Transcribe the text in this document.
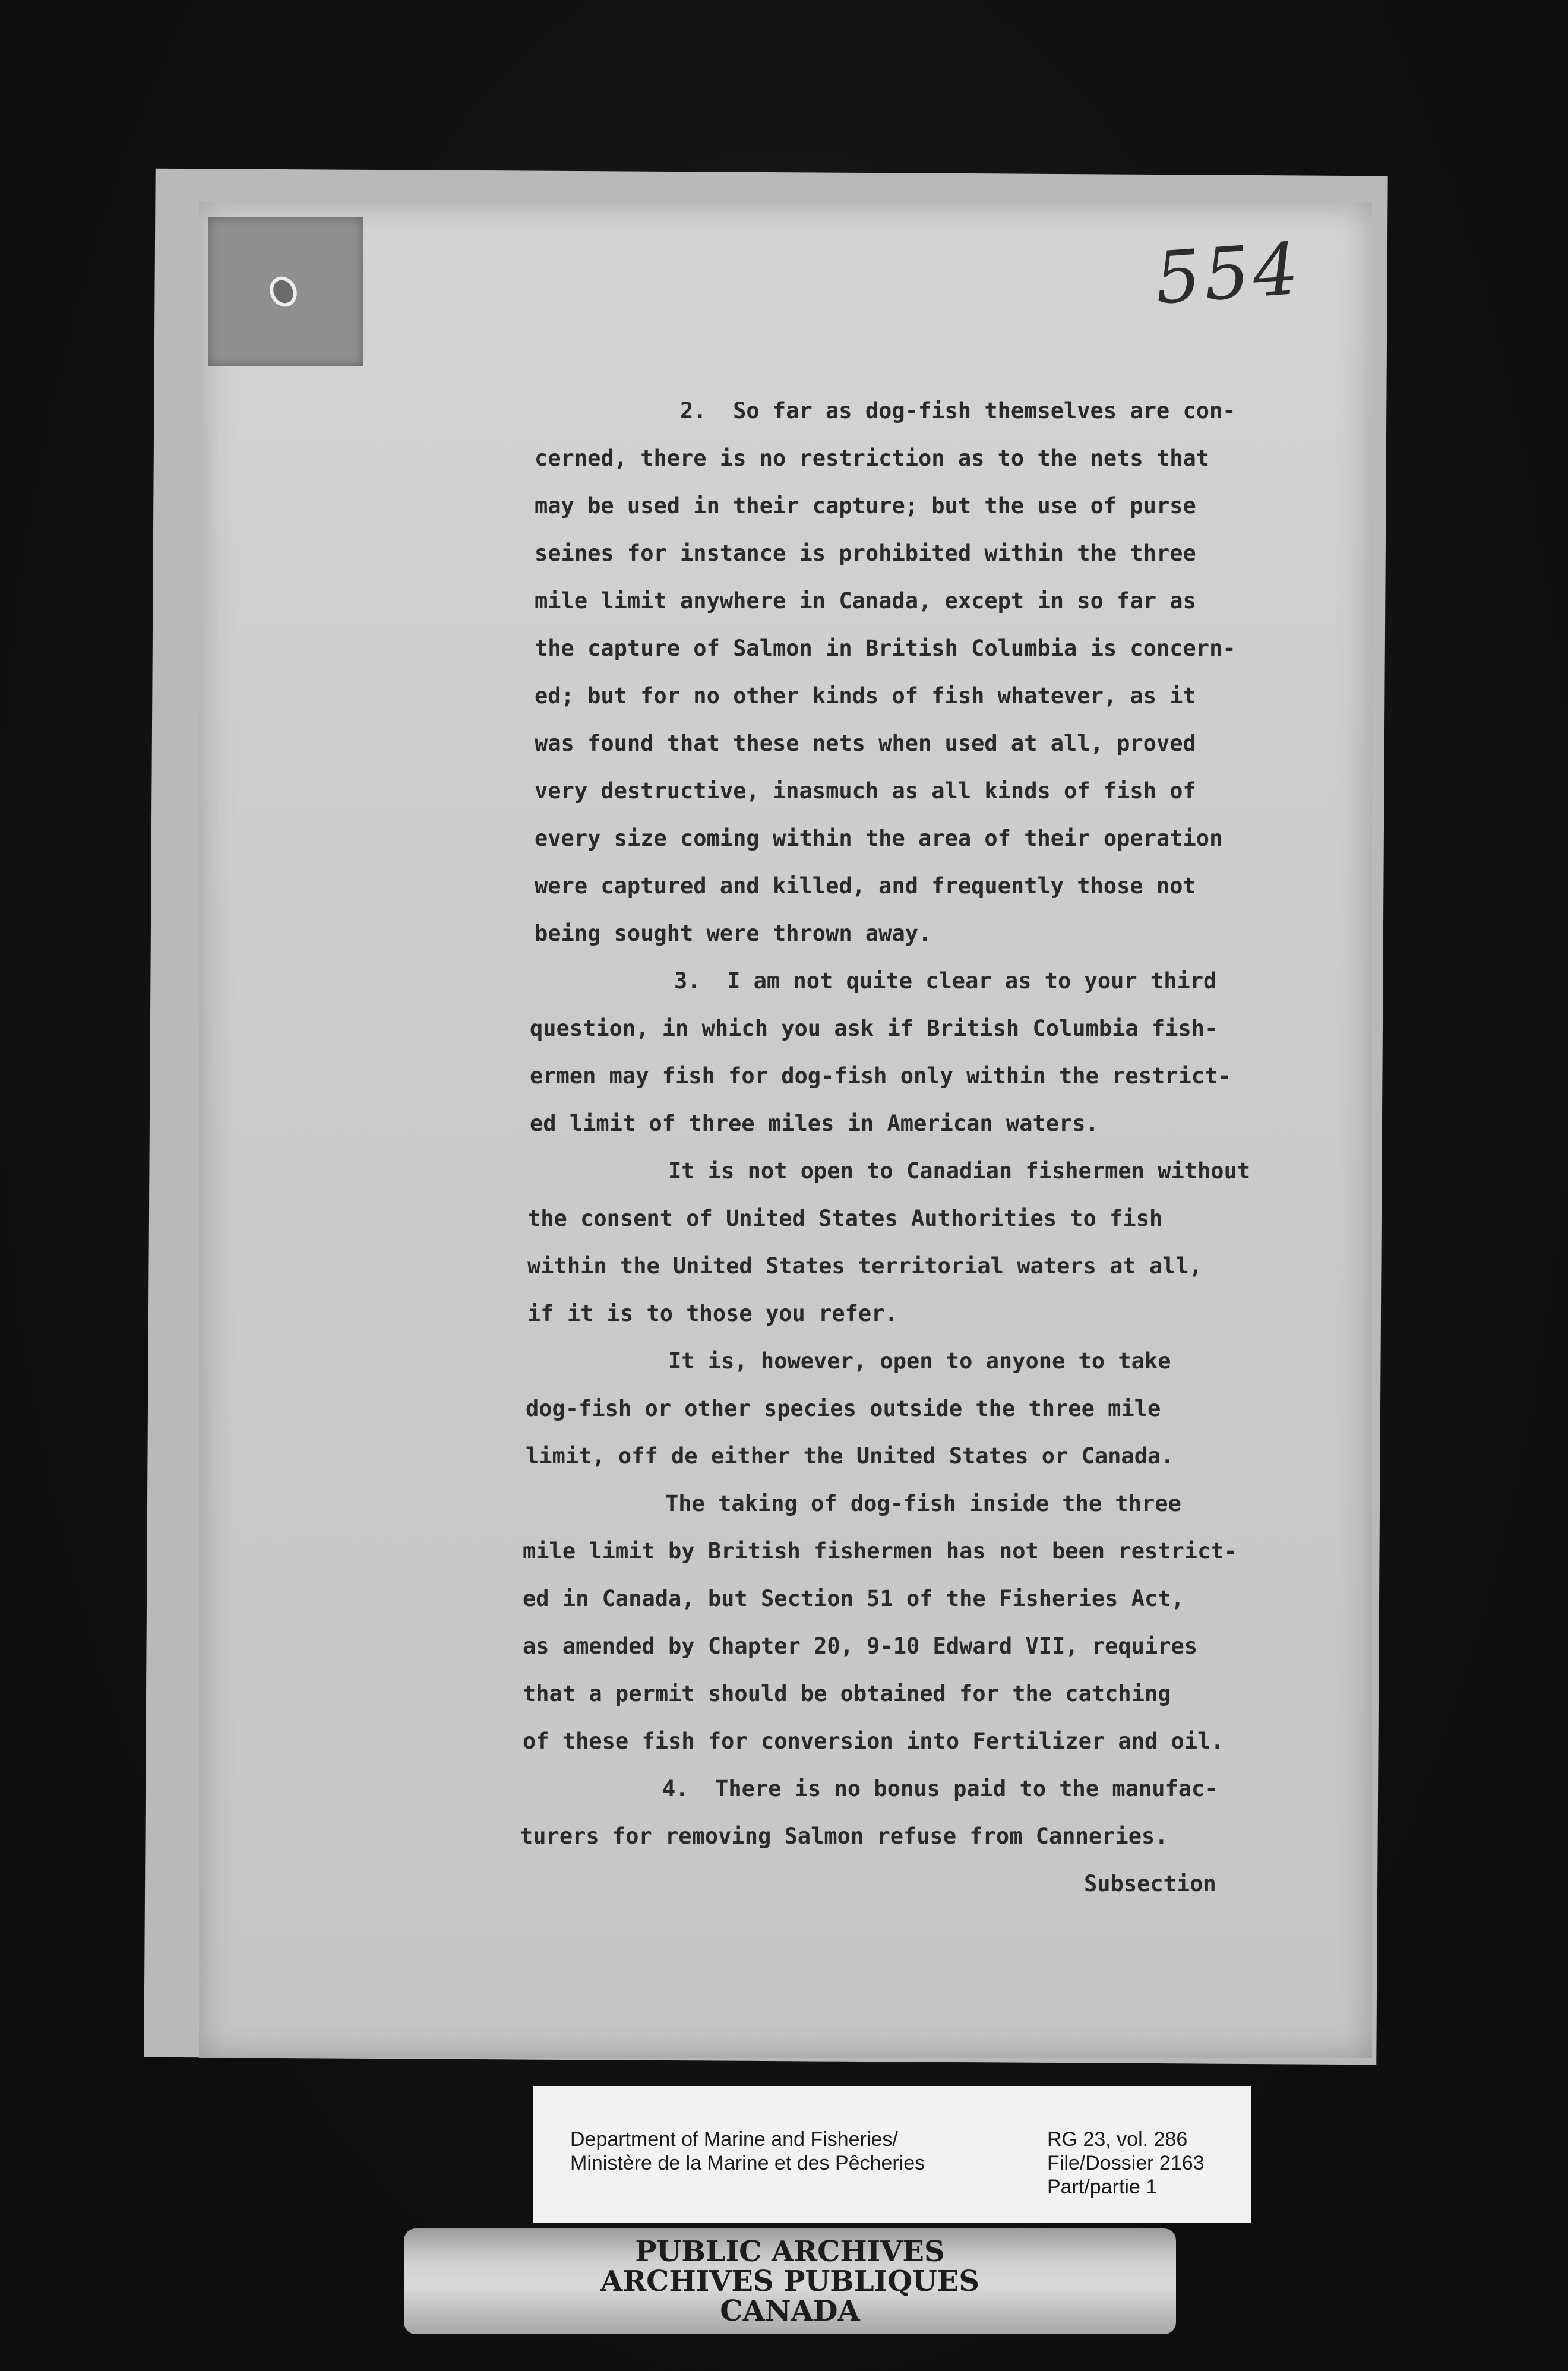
554
2.  So far as dog-fish themselves are con-
cerned, there is no restriction as to the nets that
may be used in their capture; but the use of purse
seines for instance is prohibited within the three
mile limit anywhere in Canada, except in so far as
the capture of Salmon in British Columbia is concern-
ed; but for no other kinds of fish whatever, as it
was found that these nets when used at all, proved
very destructive, inasmuch as all kinds of fish of
every size coming within the area of their operation
were captured and killed, and frequently those not
being sought were thrown away.
3.  I am not quite clear as to your third
question, in which you ask if British Columbia fish-
ermen may fish for dog-fish only within the restrict-
ed limit of three miles in American waters.
It is not open to Canadian fishermen without
the consent of United States Authorities to fish
within the United States territorial waters at all,
if it is to those you refer.
It is, however, open to anyone to take
dog-fish or other species outside the three mile
limit, off de either the United States or Canada.
The taking of dog-fish inside the three
mile limit by British fishermen has not been restrict-
ed in Canada, but Section 51 of the Fisheries Act,
as amended by Chapter 20, 9-10 Edward VII, requires
that a permit should be obtained for the catching
of these fish for conversion into Fertilizer and oil.
4.  There is no bonus paid to the manufac-
turers for removing Salmon refuse from Canneries.
Subsection
Department of Marine and Fisheries/
Ministère de la Marine et des Pêcheries
RG 23, vol. 286
File/Dossier 2163
Part/partie 1
PUBLIC ARCHIVES
ARCHIVES PUBLIQUES
CANADA
